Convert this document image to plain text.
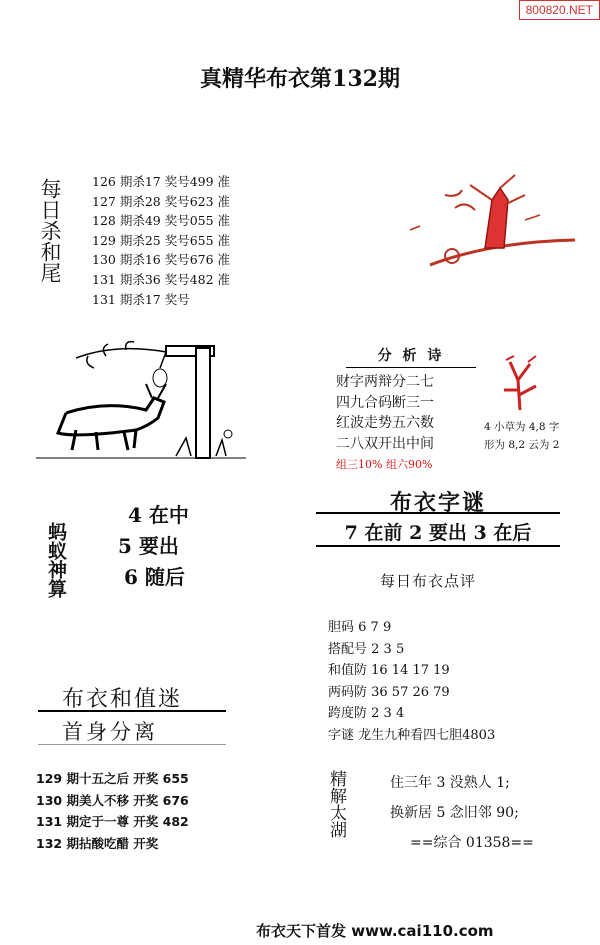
800820.NET
真精华布衣第132期
每日杀和尾 126 期杀17 奖号499 准
127 期杀28 奖号623 准
128 期杀49 奖号055 准
129 期杀25 奖号655 准
130 期杀16 奖号676 准
131 期杀36 奖号482 准
131 期杀17 奖号
分 析 诗
财字两辩分二七
四九合码断三一
红波走势五六数
二八双开出中间
组三10% 组六90%
4 小草为 4,8 字
形为 8,2 云为 2
布衣字谜
7 在前 2 要出 3 在后
蚂蚁神算
4 在中
5 要出
6 随后	每日布衣点评
胆码 6 7 9
搭配号 2 3 5
和值防 16 14 17 19
两码防 36 57 26 79
跨度防 2 3 4
字谜 龙生九种看四七胆4803
布衣和值迷
首身分离
129 期十五之后 开奖 655
130 期美人不移 开奖 676
131 期定于一尊 开奖 482
132 期拈酸吃醋 开奖
精解太湖	住三年 3 没熟人 1;
换新居 5 念旧邻 90;
==综合 01358==
布衣天下首发 www.cai110.com
